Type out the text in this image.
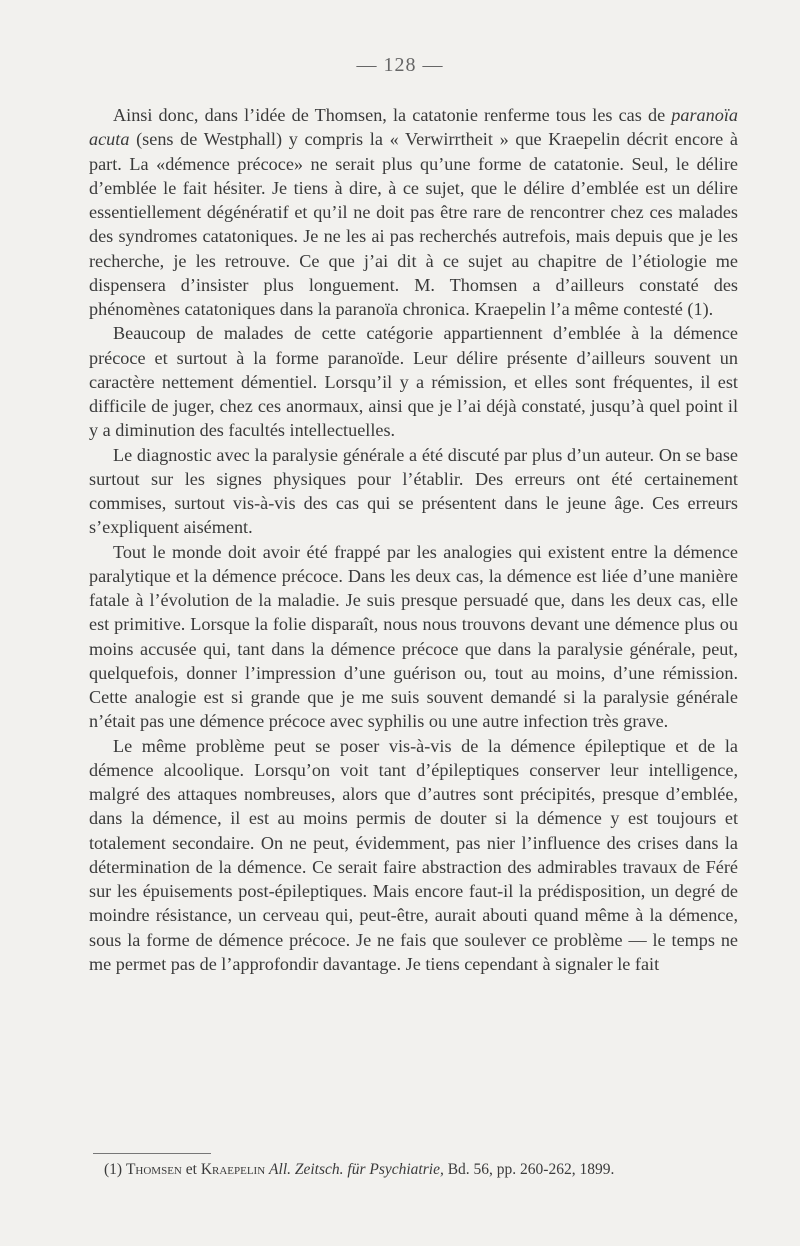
— 128 —

Ainsi donc, dans l’idée de Thomsen, la catatonie renferme tous les cas de paranoïa acuta (sens de Westphall) y compris la « Verwirrtheit » que Kraepelin décrit encore à part. La «démence précoce» ne serait plus qu’une forme de catatonie. Seul, le délire d’emblée le fait hésiter. Je tiens à dire, à ce sujet, que le délire d’emblée est un délire essentiellement dégénératif et qu’il ne doit pas être rare de rencontrer chez ces malades des syndromes catatoniques. Je ne les ai pas recherchés autrefois, mais depuis que je les recherche, je les retrouve. Ce que j’ai dit à ce sujet au chapitre de l’étiologie me dispensera d’insister plus longuement. M. Thomsen a d’ailleurs constaté des phénomènes catatoniques dans la paranoïa chronica. Kraepelin l’a même contesté (1).

Beaucoup de malades de cette catégorie appartiennent d’emblée à la démence précoce et surtout à la forme paranoïde. Leur délire présente d’ailleurs souvent un caractère nettement démentiel. Lorsqu’il y a rémission, et elles sont fréquentes, il est difficile de juger, chez ces anormaux, ainsi que je l’ai déjà constaté, jusqu’à quel point il y a diminution des facultés intellectuelles.

Le diagnostic avec la paralysie générale a été discuté par plus d’un auteur. On se base surtout sur les signes physiques pour l’établir. Des erreurs ont été certainement commises, surtout vis-à-vis des cas qui se présentent dans le jeune âge. Ces erreurs s’expliquent aisément.

Tout le monde doit avoir été frappé par les analogies qui existent entre la démence paralytique et la démence précoce. Dans les deux cas, la démence est liée d’une manière fatale à l’évolution de la maladie. Je suis presque persuadé que, dans les deux cas, elle est primitive. Lorsque la folie disparaît, nous nous trouvons devant une démence plus ou moins accusée qui, tant dans la démence précoce que dans la paralysie générale, peut, quelquefois, donner l’impression d’une guérison ou, tout au moins, d’une rémission. Cette analogie est si grande que je me suis souvent demandé si la paralysie générale n’était pas une démence précoce avec syphilis ou une autre infection très grave.

Le même problème peut se poser vis-à-vis de la démence épileptique et de la démence alcoolique. Lorsqu’on voit tant d’épileptiques conserver leur intelligence, malgré des attaques nombreuses, alors que d’autres sont précipités, presque d’emblée, dans la démence, il est au moins permis de douter si la démence y est toujours et totalement secondaire. On ne peut, évidemment, pas nier l’influence des crises dans la détermination de la démence. Ce serait faire abstraction des admirables travaux de Féré sur les épuisements post-épileptiques. Mais encore faut-il la prédisposition, un degré de moindre résistance, un cerveau qui, peut-être, aurait abouti quand même à la démence, sous la forme de démence précoce. Je ne fais que soulever ce problème — le temps ne me permet pas de l’approfondir davantage. Je tiens cependant à signaler le fait

(1) Thomsen et Kraepelin All. Zeitsch. für Psychiatrie, Bd. 56, pp. 260-262, 1899.
